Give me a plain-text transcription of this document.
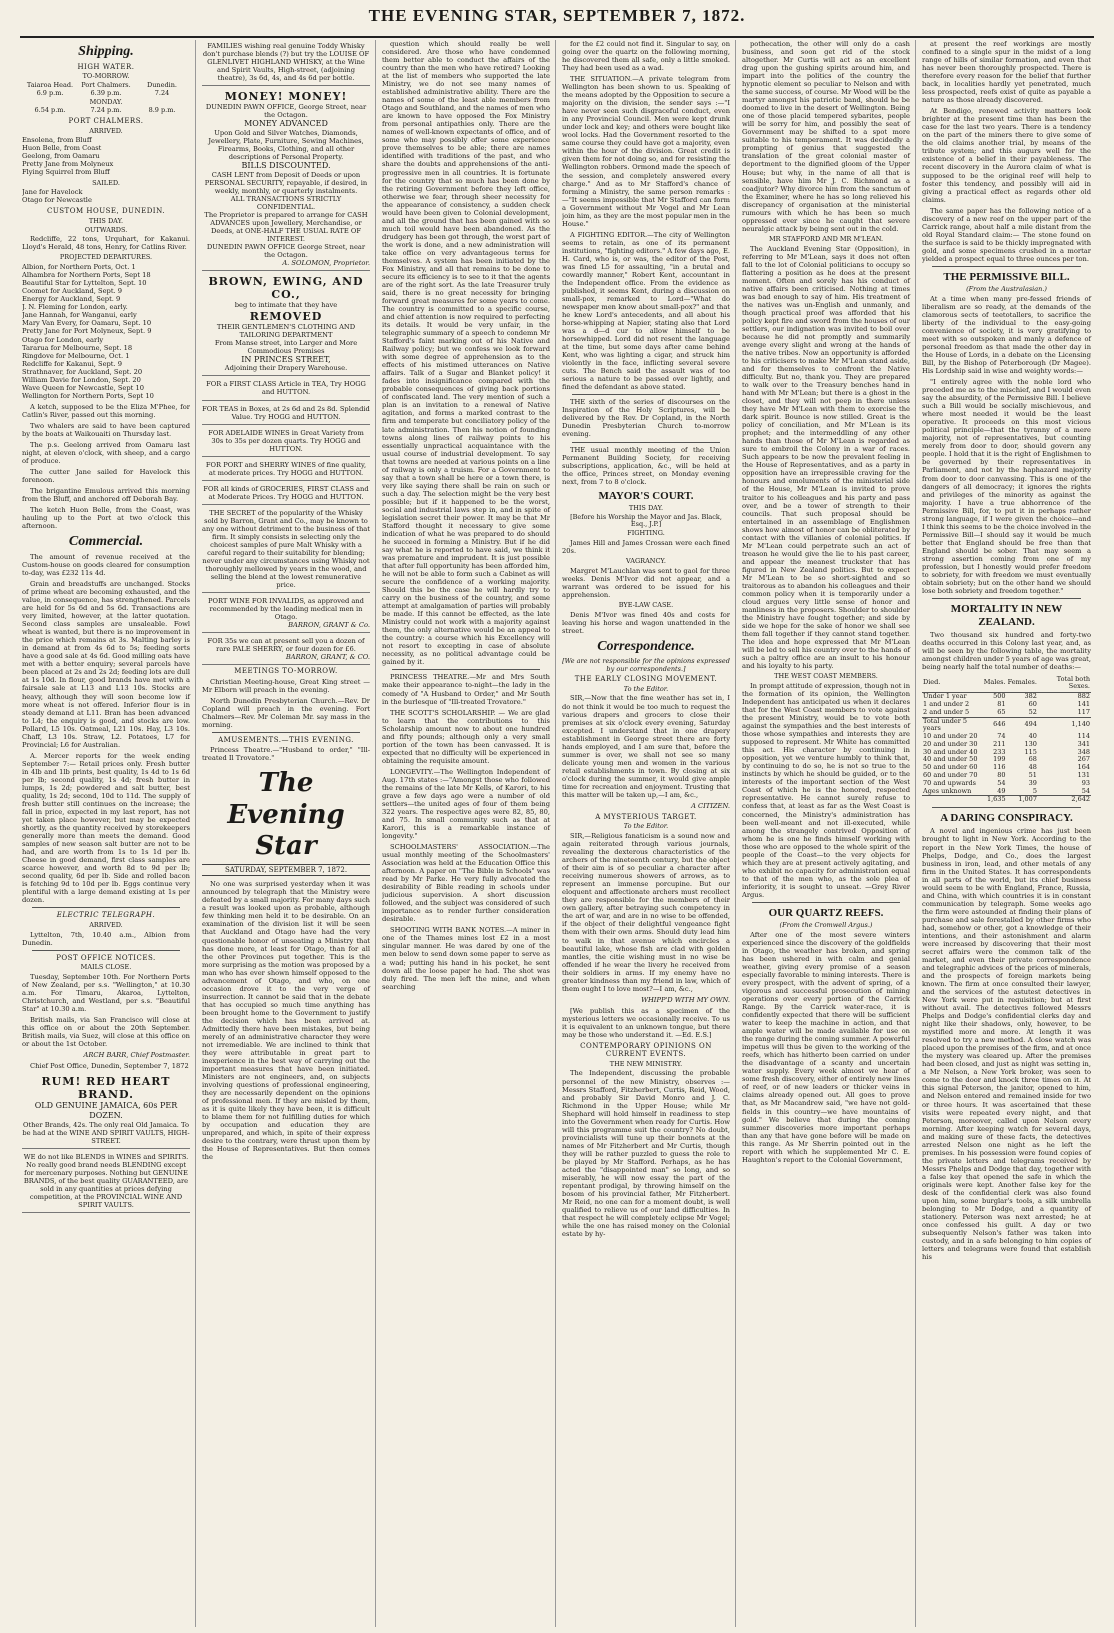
THE EVENING STAR, SEPTEMBER 7, 1872.
Shipping.
HIGH WATER.
TO-MORROW.
Taiaroa Head.	Port Chalmers.	Dunedin.
6.9 p.m.	6.39 p.m.	7.24
MONDAY.
6.54 p.m.	7.24 p.m.	8.9 p.m.
PORT CHALMERS.
ARRIVED.
Ensolena, from Bluff
Huon Belle, from Coast
Geelong, from Oamaru
Pretty Jane from Molyneux
Flying Squirrel from Bluff
SAILED.
Jane for Havelock
Otago for Newcastle
CUSTOM HOUSE, DUNEDIN.
THIS DAY.
OUTWARDS.

Redcliffe, 22 tons, Urquhart, for Kakanui. Lloyd's Herald, 48 tons, Henry, for Catlins River.

PROJECTED DEPARTURES.
Albion, for Northern Ports, Oct. 1
Alhambra for Northern Ports, Sept 18
Beautiful Star for Lyttelton, Sept. 10
Coomet for Auckland, Sept. 9
Energy for Auckland, Sept. 9
J. N. Fleming for London, early.
Jane Hannah, for Wanganui, early
Mary Van Every, for Oamaru, Sept. 10
Pretty Jane for Port Molyneux, Sept. 9
Otago for London, early
Tararua for Melbourne, Sept. 18
Ringdove for Melbourne, Oct. 1
Redcliffe for Kakanui, Sept. 9
Strathnaver, for Auckland, Sept. 20
William Davie for London, Sept. 20
Wave Queen for Newcastle, Sept 10
Wellington for Northern Ports, Sept 10

A ketch, supposed to be the Eliza M'Phee, for Catlin's River, passed out this morning.

Two whalers are said to have been captured by the boats at Waikouaiti on Thursday last.

The p.s. Geelong arrived from Oamaru last night, at eleven o'clock, with sheep, and a cargo of produce.

The cutter Jane sailed for Havelock this forenoon.

The brigantine Emulous arrived this morning from the Bluff, and anchored off Deborah Bay.

The ketch Huon Belle, from the Coast, was hauling up to the Port at two o'clock this afternoon.

Commercial.

The amount of revenue received at the Custom-house on goods cleared for consumption to-day, was £232 11s 4d.

Grain and breadstuffs are unchanged. Stocks of prime wheat are becoming exhausted, and the value, in consequence, has strengthened. Parcels are held for 5s 6d and 5s 6d. Transactions are very limited, however, at the latter quotation. Second class samples are unsaleable. Fowl wheat is wanted, but there is no improvement in the price which remains at 3s. Malting barley is in demand at from 4s 6d to 5s; feeding sorts have a good sale at 4s 6d. Good milling oats have met with a better enquiry; several parcels have been placed at 2s and 2s 2d; feeding lots are dull at 1s 10d. In flour, good brands have met with a fairsale sale at L13 and L13 10s. Stocks are heavy, although they will soon become low if more wheat is not offered. Inferior flour is in steady demand at L11. Bran has been advanced to L4; the enquiry is good, and stocks are low. Pollard, L5 10s. Oatmeal, L21 10s. Hay, L3 10s. Chaff, L3 10s. Straw, L2. Potatoes, L7 for Provincial; L6 for Australian.

A. Mercer reports for the week ending September 7:— Retail prices only. Fresh butter in 4lb and 1lb prints, best quality, 1s 4d to 1s 6d per lb; second quality, 1s 4d; fresh butter in lumps, 1s 2d; powdered and salt butter, best quality, 1s 2d; second, 10d to 11d. The supply of fresh butter still continues on the increase; the fall in price, expected in my last report, has not yet taken place however, but may be expected shortly, as the quantity received by storekeepers generally more than meets the demand. Good samples of new season salt butter are not to be had, and are worth from 1s to 1s 1d per lb. Cheese in good demand, first class samples are scarce however, and worth 8d to 9d per lb; second quality, 6d per lb. Side and rolled bacon is fetching 9d to 10d per lb. Eggs continue very plentiful with a large demand existing at 1s per dozen.

ELECTRIC TELEGRAPH.
ARRIVED.

Lyttelton, 7th, 10.40 a.m., Albion from Dunedin.

POST OFFICE NOTICES.
MAILS CLOSE.

Tuesday, September 10th. For Northern Ports of New Zealand, per s.s. "Wellington," at 10.30 a.m. For Timaru, Akaroa, Lyttelton, Christchurch, and Westland, per s.s. "Beautiful Star" at 10.30 a.m.

British mails, via San Francisco will close at this office on or about the 20th September. British mails, via Suez, will close at this office on or about the 1st October.

ARCH BARR, Chief Postmaster.

Chief Post Office, Dunedin, September 7, 1872

RUM! RED HEART BRAND.
OLD GENUINE JAMAICA, 60s PER DOZEN.
Other Brands, 42s. The only real Old Jamaica. To be had at the WINE AND SPIRIT VAULTS, HIGH-STREET.
WE do not like BLENDS in WINES and SPIRITS. No really good brand needs BLENDING except for mercenary purposes. Nothing but GENUINE BRANDS, of the best quality GUARANTEED, are sold in any quantities at prices defying competition, at the PROVINCIAL WINE AND SPIRIT VAULTS.
FAMILIES wishing real genuine Toddy Whisky don't purchase blends (?) but try the LOUISE OF GLENLIVET HIGHLAND WHISKY, at the Wine and Spirit Vaults, High-street, (adjoining theatre), 3s 6d, 4s, and 4s 6d per bottle.
MONEY! MONEY!
DUNEDIN PAWN OFFICE, George Street, near the Octagon.
MONEY ADVANCED
Upon Gold and Silver Watches, Diamonds, Jewellery, Plate, Furniture, Sewing Machines, Firearms, Books, Clothing, and all other descriptions of Personal Property.
BILLS DISCOUNTED.
CASH LENT from Deposit of Deeds or upon PERSONAL SECURITY, repayable, if desired, in weekly, monthly, or quarterly instalments.
ALL TRANSACTIONS STRICTLY CONFIDENTIAL.
The Proprietor is prepared to arrange for CASH ADVANCES upon Jewellery, Merchandise, or Deeds, at ONE-HALF THE USUAL RATE OF INTEREST.
DUNEDIN PAWN OFFICE George Street, near the Octagon.
A. SOLOMON, Proprietor.
BROWN, EWING, AND CO.,
beg to intimate that they have
REMOVED
THEIR GENTLEMEN'S CLOTHING AND TAILORING DEPARTMENT
From Manse street, into Larger and More Commodious Premises
IN PRINCES STREET,
Adjoining their Drapery Warehouse.
FOR a FIRST CLASS Article in TEA, Try HOGG and HUTTON.
FOR TEAS in Boxes, at 2s 6d and 2s 8d. Splendid Value. Try HOGG and HUTTON.
FOR ADELAIDE WINES in Great Variety from 30s to 35s per dozen quarts. Try HOGG and HUTTON.
FOR PORT and SHERRY WINES of fine quality, at moderate prices. Try HOGG and HUTTON.
FOR all kinds of GROCERIES, FIRST CLASS and at Moderate Prices. Try HOGG and HUTTON.
THE SECRET of the popularity of the Whisky sold by Barron, Grant and Co., may be known to any one without detriment to the business of that firm. It simply consists in selecting only the choicest samples of pure Malt Whisky with a careful regard to their suitability for blending; never under any circumstances using Whisky not thoroughly mellowed by years in the wood, and selling the blend at the lowest remunerative price.
PORT WINE FOR INVALIDS, as approved and recommended by the leading medical men in Otago.
BARRON, GRANT & Co.
FOR 35s we can at present sell you a dozen of rare PALE SHERRY, or four dozen for £6.
BARRON, GRANT, & CO.
MEETINGS TO-MORROW.

Christian Meeting-house, Great King street —Mr Elborn will preach in the evening.

North Dunedin Presbyterian Church.—Rev. Dr Copland will preach in the evening. Fort Chalmers—Rev. Mr Coleman Mr. say mass in the morning.

AMUSEMENTS.—THIS EVENING.

Princess Theatre.—"Husband to order," "Ill-treated Il Trovatore."

The Evening Star
SATURDAY, SEPTEMBER 7, 1872.

No one was surprised yesterday when it was announced by telegraph that the Ministry were defeated by a small majority. For many days such a result was looked upon as probable, although few thinking men held it to be desirable. On an examination of the division list it will be seen that Auckland and Otago have had the very questionable honor of unseating a Ministry that has done more, at least for Otago, than for all the other Provinces put together. This is the more surprising as the motion was proposed by a man who has ever shown himself opposed to the advancement of Otago, and who, on one occasion drove it to the very verge of insurrection. It cannot be said that in the debate that has occupied so much time anything has been brought home to the Government to justify the decision which has been arrived at. Admittedly there have been mistakes, but being merely of an administrative character they were not irremediable. We are inclined to think that they were attributable in great part to inexperience in the best way of carrying out the important measures that have been initiated. Ministers are not engineers, and, on subjects involving questions of professional engineering, they are necessarily dependent on the opinions of professional men. If they are misled by them, as it is quite likely they have been, it is difficult to blame them for not fulfilling duties for which by occupation and education they are unprepared, and which, in spite of their express desire to the contrary, were thrust upon them by the House of Representatives. But then comes the

question which should really be well considered. Are those who have condemned them better able to conduct the affairs of the country than the men who have retired? Looking at the list of members who supported the late Ministry, we do not see many names of established administrative ability. There are the names of some of the least able members from Otago and Southland, and the names of men who are known to have opposed the Fox Ministry from personal antipathies only. There are the names of well-known expectants of office, and of some who may possibly offer some experience prove themselves to be able; there are names identified with traditions of the past, and who share the doubts and apprehensions of the anti-progressive men in all countries. It is fortunate for the country that so much has been done by the retiring Government before they left office, otherwise we fear, through sheer necessity for the appearance of consistency, a sudden check would have been given to Colonial development, and all the ground that has been gained with so much toil would have been abandoned. As the drudgery has been got through, the worst part of the work is done, and a new administration will take office on very advantageous terms for themselves. A system has been initiated by the Fox Ministry, and all that remains to be done to secure its efficiency is to see to it that the agents are of the right sort. As the late Treasurer truly said, there is no great necessity for bringing forward great measures for some years to come. The country is committed to a specific course, and chief attention is now required to perfecting its details. It would be very unfair, in the telegraphic summary of a speech to condemn Mr Stafford's faint marking out of his Native and Railway policy; but we confess we look forward with some degree of apprehension as to the effects of his mistimed utterances on Native affairs. Talk of a Sugar and Blanket policy! it fades into insignificance compared with the probable consequences of giving back portions of confiscated land. The very mention of such a plan is an invitation to a renewal of Native agitation, and forms a marked contrast to the firm and temperate but conciliatory policy of the late administration. Then his notion of founding towns along lines of railway points to his essentially unpractical acquaintance with the usual course of industrial development. To say that towns are needed at various points on a line of railway is only a truism. For a Government to say that a town shall be here or a town there, is very like saying there shall be rain on such or such a day. The selection might be the very best possible; but if it happened to be the worst, social and industrial laws step in, and in spite of legislation secret their power. It may be that Mr Stafford thought it necessary to give some indication of what he was prepared to do should he succeed in forming a Ministry. But if he did say what he is reported to have said, we think it was premature and imprudent. It is just possible that after full opportunity has been afforded him, he will not be able to form such a Cabinet as will secure the confidence of a working majority. Should this be the case he will hardly try to carry on the business of the country, and some attempt at amalgamation of parties will probably be made. If this cannot be effected, as the late Ministry could not work with a majority against them, the only alternative would be an appeal to the country: a course which his Excellency will not resort to excepting in case of absolute necessity, as no political advantage could be gained by it.

PRINCESS THEATRE.—Mr and Mrs South make their appearance to-night—the lady in the comedy of "A Husband to Order," and Mr South in the burlesque of "Ill-treated Trovatore."

THE SCOTT'S SCHOLARSHIP. — We are glad to learn that the contributions to this Scholarship amount now to about one hundred and fifty pounds; although only a very small portion of the town has been canvassed. It is expected that no difficulty will be experienced in obtaining the requisite amount.

LONGEVITY.—The Wellington Independent of Aug. 17th states :—"Amongst those who followed the remains of the late Mr Kells, of Karori, to his grave a few days ago were a number of old settlers—the united ages of four of them being 322 years. The respective ages were 82, 85, 80, and 75. In small community such as that at Karori, this is a remarkable instance of longevity."

SCHOOLMASTERS' ASSOCIATION.—The usual monthly meeting of the Schoolmasters' Association was held at the Education Office this afternoon. A paper on "The Bible in Schools" was read by Mr Parke. He very fully advocated the desirability of Bible reading in schools under judicious supervision. A short discussion followed, and the subject was considered of such importance as to render further consideration desirable.

SHOOTING WITH BANK NOTES.—A miner in one of the Thames mines lost £2 in a most singular manner. He was dared by one of the men below to send down some paper to serve as a wad; putting his hand in his pocket, he sent down all the loose paper he had. The shot was duly fired. The men left the mine, and when searching

for the £2 could not find it. Singular to say, on going over the quartz on the following morning, he discovered them all safe, only a little smoked. They had been used as a wad.

THE SITUATION.—A private telegram from Wellington has been shown to us. Speaking of the means adopted by the Opposition to secure a majority on the division, the sender says :—"I have never seen such disgraceful conduct, even in any Provincial Council. Men were kept drunk under lock and key; and others were bought like wool locks. Had the Government resorted to the same course they could have got a majority, even within the hour of the division. Great credit is given them for not doing so, and for resisting the Wellington robbers. Ormond made the speech of the session, and completely answered every charge." And as to Mr Stafford's chance of forming a Ministry, the same person remarks :—"It seems impossible that Mr Stafford can form a Government without Mr Vogel and Mr Lean join him, as they are the most popular men in the House."

A FIGHTING EDITOR.—The city of Wellington seems to retain, as one of its permanent institutions, "fighting editors." A few days ago, E. H. Card, who is, or was, the editor of the Post, was fined L5 for assaulting, "in a brutal and cowardly manner," Robert Kent, accountant in the Independent office. From the evidence as published, it seems Kent, during a discussion on small-pox, remarked to Lord—"What do newspaper men know about small-pox?" and that he knew Lord's antecedents, and all about his horse-whipping at Napier, stating also that Lord was a d—d cur to allow himself to be horsewhipped. Lord did not resent the language at the time, but some days after came behind Kent, who was lighting a cigar, and struck him violently in the face, inflicting several severe cuts. The Bench said the assault was of too serious a nature to be passed over lightly, and fined the defendant as above stated.

THE sixth of the series of discourses on the Inspiration of the Holy Scriptures, will be delivered by the Rev. Dr Copland, in the North Dunedin Presbyterian Church to-morrow evening.

THE usual monthly meeting of the Union Permanent Building Society, for receiving subscriptions, application, &c., will be held at the office, Princes street, on Monday evening next, from 7 to 8 o'clock.

MAYOR'S COURT.
THIS DAY.
[Before his Worship the Mayor and Jas. Black, Esq., J.P.]
FIGHTING.

James Hill and James Crossan were each fined 20s.

VAGRANCY.

Margret M'Lauchlan was sent to gaol for three weeks. Denis M'Ivor did not appear, and a warrant was ordered to be issued for his apprehension.

BYE-LAW CASE.

Denis M'Ivor was fined 40s and costs for leaving his horse and wagon unattended in the street.

Correspondence.
[We are not responsible for the opinions expressed by our correspondents.]
THE EARLY CLOSING MOVEMENT.
To the Editor.

SIR,—Now that the fine weather has set in, I do not think it would be too much to request the various drapers and grocers to close their premises at six o'clock every evening, Saturday excepted. I understand that in one drapery establishment in George street there are forty hands employed, and I am sure that, before the summer is over, we shall not see so many delicate young men and women in the various retail establishments in town. By closing at six o'clock during the summer, it would give ample time for recreation and enjoyment. Trusting that this matter will be taken up,—I am, &c.,

A CITIZEN.
A MYSTERIOUS TARGET.
To the Editor.

SIR,—Religious fanaticism is a sound now and again reiterated through various journals, revealing the dexterous characteristics of the archers of the nineteenth century, but the object of their aim is of so peculiar a character after receiving numerous showers of arrows, as to represent an immense porcupine. But our eloquent and affectionate archers must recollect they are responsible for the members of their own gallery, after betraying such competency in the art of war, and are in no wise to be offended, if the object of their delightful vengeance fight them with their own arms. Should duty lead him to walk in that avenue which encircles a beautiful lake, whose fish are clad with golden mantles, the citie wishing must in no wise be offended if he wear the livery he received from their soldiers in arms. If my enemy have no greater kindness than my friend in law, which of them ought I to love most?—I am, &c.,

WHIPP'D WITH MY OWN.

[We publish this as a specimen of the mysterious letters we occasionally receive. To us it is equivalent to an unknown tongue, but there may be those who understand it. —Ed. E.S.]

CONTEMPORARY OPINIONS ON CURRENT EVENTS.
THE NEW MINISTRY.

The Independent, discussing the probable personnel of the new Ministry, observes :—Messrs Stafford, Fitzherbert, Curtis, Reid, Wood, and probably Sir David Monro and J. C. Richmond in the Upper House; while Mr Shephard will hold himself in readiness to step into the Government when ready for Curtis. How will this programme suit the country? No doubt, provincialists will tune up their bonnets at the names of Mr Fitzherbert and Mr Curtis, though they will be rather puzzled to guess the role to be played by Mr Stafford. Perhaps, as he has acted the "disappointed man" so long, and so miserably, he will now essay the part of the repentant prodigal, by throwing himself on the bosom of his provincial father, Mr Fitzherbert. Mr Reid, no one can for a moment doubt, is well qualified to relieve us of our land difficulties. In that respect he will completely eclipse Mr Vogel; while the one has raised money on the Colonial estate by hy-

pothecation, the other will only do a cash business, and soon get rid of the stock altogether. Mr Curtis will act as an excellent drag upon the gushing spirits around him, and impart into the politics of the country the hypnotic element so peculiar to Nelson and with the same success, of course. Mr Wood will be the martyr amongst his patriotic band, should he be doomed to live in the desert of Wellington. Being one of those placid tempered sybarites, people will be sorry for him, and possibly the seat of Government may be shifted to a spot more suitable to his temperament. It was decidedly a prompting of genius that suggested the translation of the great colonial master of deportment to the dignified gloom of the Upper House; but why, in the name of all that is sensible, have him Mr J. C. Richmond as a coadjutor? Why divorce him from the sanctum of the Examiner, where he has so long relieved his discrepancy of organisation at the ministerial rumours with which he has been so much oppressed ever since he caught that severe neuralgic attack by being sent out in the cold.

MR STAFFORD AND MR M'LEAN.

The Auckland Evening Star (Opposition), in referring to Mr M'Lean, says it does not often fall to the lot of Colonial politicians to occupy so flattering a position as he does at the present moment. Often and sorely has his conduct of native affairs been criticised. Nothing at times was bad enough to say of him. His treatment of the natives was un-English and unmanly, and though practical proof was afforded that his policy kept fire and sword from the houses of our settlers, our indignation was invited to boil over because he did not promptly and summarily avenge every slight and wrong at the hands of the native tribes. Now an opportunity is afforded to his criticisers to make Mr M'Lean stand aside, and for themselves to confront the Native difficulty. But no, thank you. They are prepared to walk over to the Treasury benches hand in hand with Mr M'Lean; but there is a ghost in the closet, and they will not peep in there unless they have Mr M'Lean with them to exorcise the dark spirit. Bounce is now stilled. Great is the policy of conciliation, and Mr M'Lean is its prophet; and the intermeddling of any other hands than those of Mr M'Lean is regarded as sure to embroil the Colony in a war of races. Such appears to be now the prevalent feeling in the House of Representatives, and as a party in opposition have an irrepressible craving for the honours and emoluments of the ministerial side of the House, Mr M'Lean is invited to prove traitor to his colleagues and his party and pass over, and be a tower of strength to their councils. That such proposal should be entertained in an assemblage of Englishmen shows how almost of honor can be obliterated by contact with the villanies of colonial politics. If Mr M'Lean could perpetrate such an act of treason he would give the lie to his past career, and appear the meanest truckster that has figured in New Zealand politics. But to expect Mr M'Lean to be so short-sighted and so traitorous as to abandon his colleagues and their common policy when it is temporarily under a cloud argues very little sense of honor and manliness in the proposers. Shoulder to shoulder the Ministry have fought together; and side by side we hope for the sake of honor we shall see them fall together if they cannot stand together. The idea and hope expressed that Mr M'Lean will be led to sell his country over to the hands of such a paltry office are an insult to his honour and his loyalty to his party.

THE WEST COAST MEMBERS.

In prompt attitude of expression, though not in the formation of its opinion, the Wellington Independent has anticipated us when it declares that for the West Coast members to vote against the present Ministry, would be to vote both against the sympathies and the best interests of those whose sympathies and interests they are supposed to represent. Mr White has committed this act. His character by continuing in opposition, yet we venture humbly to think that, by continuing to do so, he is not so true to the instincts by which he should be guided, or to the interests of the important section of the West Coast of which he is the honored, respected representative. He cannot surely refuse to confess that, at least as far as the West Coast is concerned, the Ministry's administration has been well-meant and not ill-executed, while among the strangely contrived Opposition of whom he is one he finds himself working with those who are opposed to the whole spirit of the people of the Coast—to the very objects for which they are at present actively agitating, and who exhibit no capacity for administration equal to that of the men who, as the sole plea of inferiority, it is sought to unseat. —Grey River Argus.

OUR QUARTZ REEFS.
(From the Cromwell Argus.)

After one of the most severe winters experienced since the discovery of the goldfields in Otago, the weather has broken, and spring has been ushered in with calm and genial weather, giving every promise of a season especially favorable to mining interests. There is every prospect, with the advent of spring, of a vigorous and successful prosecution of mining operations over every portion of the Carrick Range. By the Carrick water-race, it is confidently expected that there will be sufficient water to keep the machine in action, and that ample water will be made available for use on the range during the coming summer. A powerful impetus will thus be given to the working of the reefs, which has hitherto been carried on under the disadvantage of a scanty and uncertain water supply. Every week almost we hear of some fresh discovery, either of entirely new lines of reef, or of new leaders or thicker veins in claims already opened out. All goes to prove that, as Mr Macandrew said, "we have not gold-fields in this country—we have mountains of gold." We believe that during the coming summer discoveries more important perhaps than any that have gone before will be made on this range. As Mr Sherrin pointed out in the report with which he supplemented Mr C. E. Haughton's report to the Colonial Government,

at present the reef workings are mostly confined to a single spur in the midst of a long range of hills of similar formation, and even that has never been thoroughly prospected. There is therefore every reason for the belief that further back, in localities hardly yet penetrated, much less prospected, reefs exist of quite as payable a nature as those already discovered.

At Bendigo, renewed activity matters look brighter at the present time than has been the case for the last two years. There is a tendency on the part of the miners there to give some of the old claims another trial, by means of the tribute system; and this augurs well for the existence of a belief in their payableness. The recent discovery in the Aurora claim of what is supposed to be the original reef will help to foster this tendency, and possibly will aid in giving a practical effect as regards other old claims.

The same paper has the following notice of a discovery of a new reef on the upper part of the Carrick range, about half a mile distant from the old Royal Standard claim:— The stone found on the surface is said to be thickly impregnated with gold, and some specimens crushed in a mortar yielded a prospect equal to three ounces per ton.

THE PERMISSIVE BILL.
(From the Australasian.)

At a time when many pre-fessed friends of liberalism are so ready, at the demands of the clamorous sects of teetotallers, to sacrifice the liberty of the individual to the easy-going convenience of society, it is very gratifying to meet with so outspoken and manly a defence of personal freedom as that made the other day in the House of Lords, in a debate on the Licensing Bill, by the Bishop of Peterborough (Dr Magee). His Lordship said in wise and weighty words:—

"I entirely agree with the noble lord who preceded me as to the mischief, and I would even say the absurdity, of the Permissive Bill. I believe such a Bill would be socially mischievous, and where most needed it would be the least operative. It proceeds on this most vicious political principle—that the tyranny of a mere majority, not of representatives, but counting merely from door to door, should govern any people. I hold that it is the right of Englishmen to be governed by their representatives in Parliament, and not by the haphazard majority from door to door canvassing. This is one of the dangers of all democracy; it ignores the rights and privileges of the minority as against the majority. I have a true abhorrence of the Permissive Bill, for, to put it in perhaps rather strong language, if I were given the choice—and I think this seems to be the choice involved in the Permissive Bill—I should say it would be much better that England should be free than that England should be sober. That may seem a strong assertion coming from one of my profession, but I honestly would prefer freedom to sobriety, for with freedom we must eventually obtain sobriety; but on the other hand we should lose both sobriety and freedom together."

MORTALITY IN NEW ZEALAND.

Two thousand six hundred and forty-two deaths occurred in this Colony last year, and, as will be seen by the following table, the mortality amongst children under 5 years of age was great, being nearly half the total number of deaths:—

Died.	Males.	Females.	Total both Sexes.
Under 1 year	500	382	882
1 and under 2	81	60	141
2 and under 5	65	52	117
Total under 5 years	646	494	1,140
10 and under 20	74	40	114
20 and under 30	211	130	341
30 and under 40	233	115	348
40 and under 50	199	68	267
50 and under 60	116	48	164
60 and under 70	80	51	131
70 and upwards	54	39	93
Ages unknown	49	5	54
	1,635	1,007	2,642
A DARING CONSPIRACY.

A novel and ingenious crime has just been brought to light in New York. According to the report in the New York Times, the house of Phelps, Dodge, and Co., does the largest business in iron, lead, and other metals of any firm in the United States. It has correspondents in all parts of the world, but its chief business would seem to be with England, France, Russia, and China, with which countries it is in constant communication by telegraph. Some weeks ago the firm were astounded at finding their plans of purchase and sale forestalled by other firms who had, somehow or other, got a knowledge of their intentions, and their astonishment and alarm were increased by discovering that their most secret affairs were the common talk of the market, and even their private correspondence and telegraphic advices of the prices of minerals, and the prospects of foreign markets being known. The firm at once consulted their lawyer, and the services of the astutest detectives in New York were put in requisition; but at first without avail. The detectives followed Messrs Phelps and Dodge's confidential clerks day and night like their shadows, only, however, to be mystified more and more. At length it was resolved to try a new method. A close watch was placed upon the premises of the firm, and at once the mystery was cleared up. After the premises had been closed, and just as night was setting in, a Mr Nelson, a New York broker, was seen to come to the door and knock three times on it. At this signal Peterson, the janitor, opened to him, and Nelson entered and remained inside for two or three hours. It was ascertained that these visits were repeated every night, and that Peterson, moreover, called upon Nelson every morning. After keeping watch for several days, and making sure of these facts, the detectives arrested Nelson one night as he left the premises. In his possession were found copies of the private letters and telegrams received by Messrs Phelps and Dodge that day, together with a false key that opened the safe in which the originals were kept. Another false key for the desk of the confidential clerk was also found upon him, some burglar's tools, a silk umbrella belonging to Mr Dodge, and a quantity of stationery. Peterson was next arrested; he at once confessed his guilt. A day or two subsequently Nelson's father was taken into custody, and in a safe belonging to him copies of letters and telegrams were found that establish his
